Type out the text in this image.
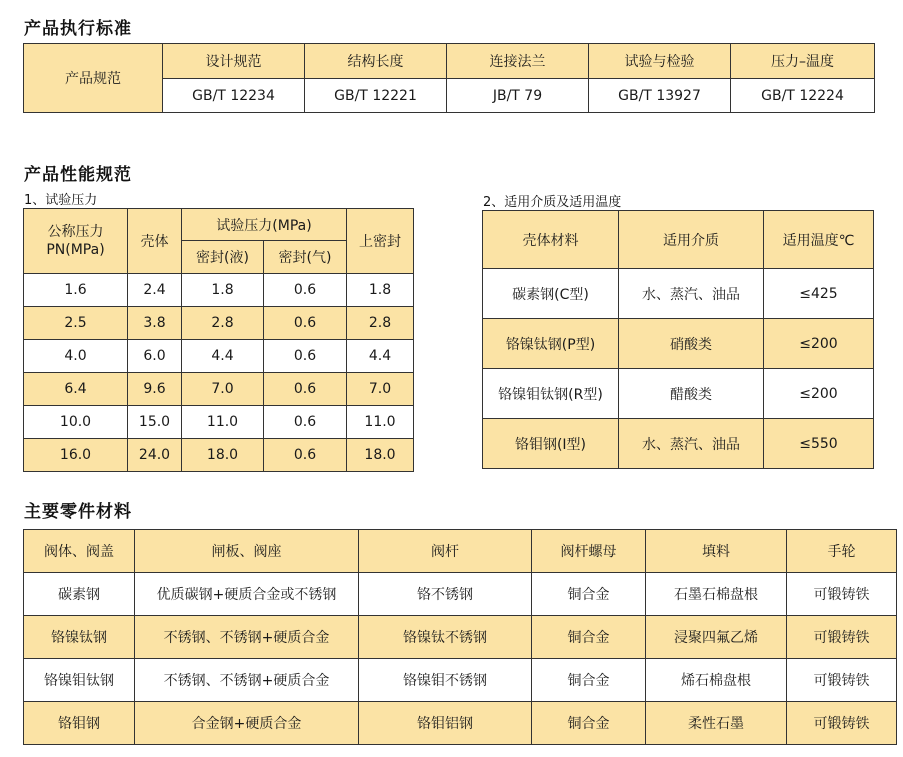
产品执行标准
产品规范	设计规范	结构长度	连接法兰	试验与检验	压力–温度
	GB/T 12234	GB/T 12221	JB/T 79	GB/T 13927	GB/T 12224
产品性能规范
1、试验压力	2、适用介质及适用温度
公称压力
PN(MPa)	壳体	试验压力(MPa)		上密封
		密封(液)	密封(气)	
1.6	2.4	1.8	0.6	1.8
2.5	3.8	2.8	0.6	2.8
4.0	6.0	4.4	0.6	4.4
6.4	9.6	7.0	0.6	7.0
10.0	15.0	11.0	0.6	11.0
16.0	24.0	18.0	0.6	18.0
壳体材料	适用介质	适用温度℃
碳素钢(C型)	水、蒸汽、油品	≤425
铬镍钛钢(P型)	硝酸类	≤200
铬镍钼钛钢(R型)	醋酸类	≤200
铬钼钢(I型)	水、蒸汽、油品	≤550
主要零件材料
阀体、阀盖	闸板、阀座	阀杆	阀杆螺母	填料	手轮
碳素钢	优质碳钢+硬质合金或不锈钢	铬不锈钢	铜合金	石墨石棉盘根	可锻铸铁
铬镍钛钢	不锈钢、不锈钢+硬质合金	铬镍钛不锈钢	铜合金	浸聚四氟乙烯	可锻铸铁
铬镍钼钛钢	不锈钢、不锈钢+硬质合金	铬镍钼不锈钢	铜合金	烯石棉盘根	可锻铸铁
铬钼钢	合金钢+硬质合金	铬钼铝钢	铜合金	柔性石墨	可锻铸铁
